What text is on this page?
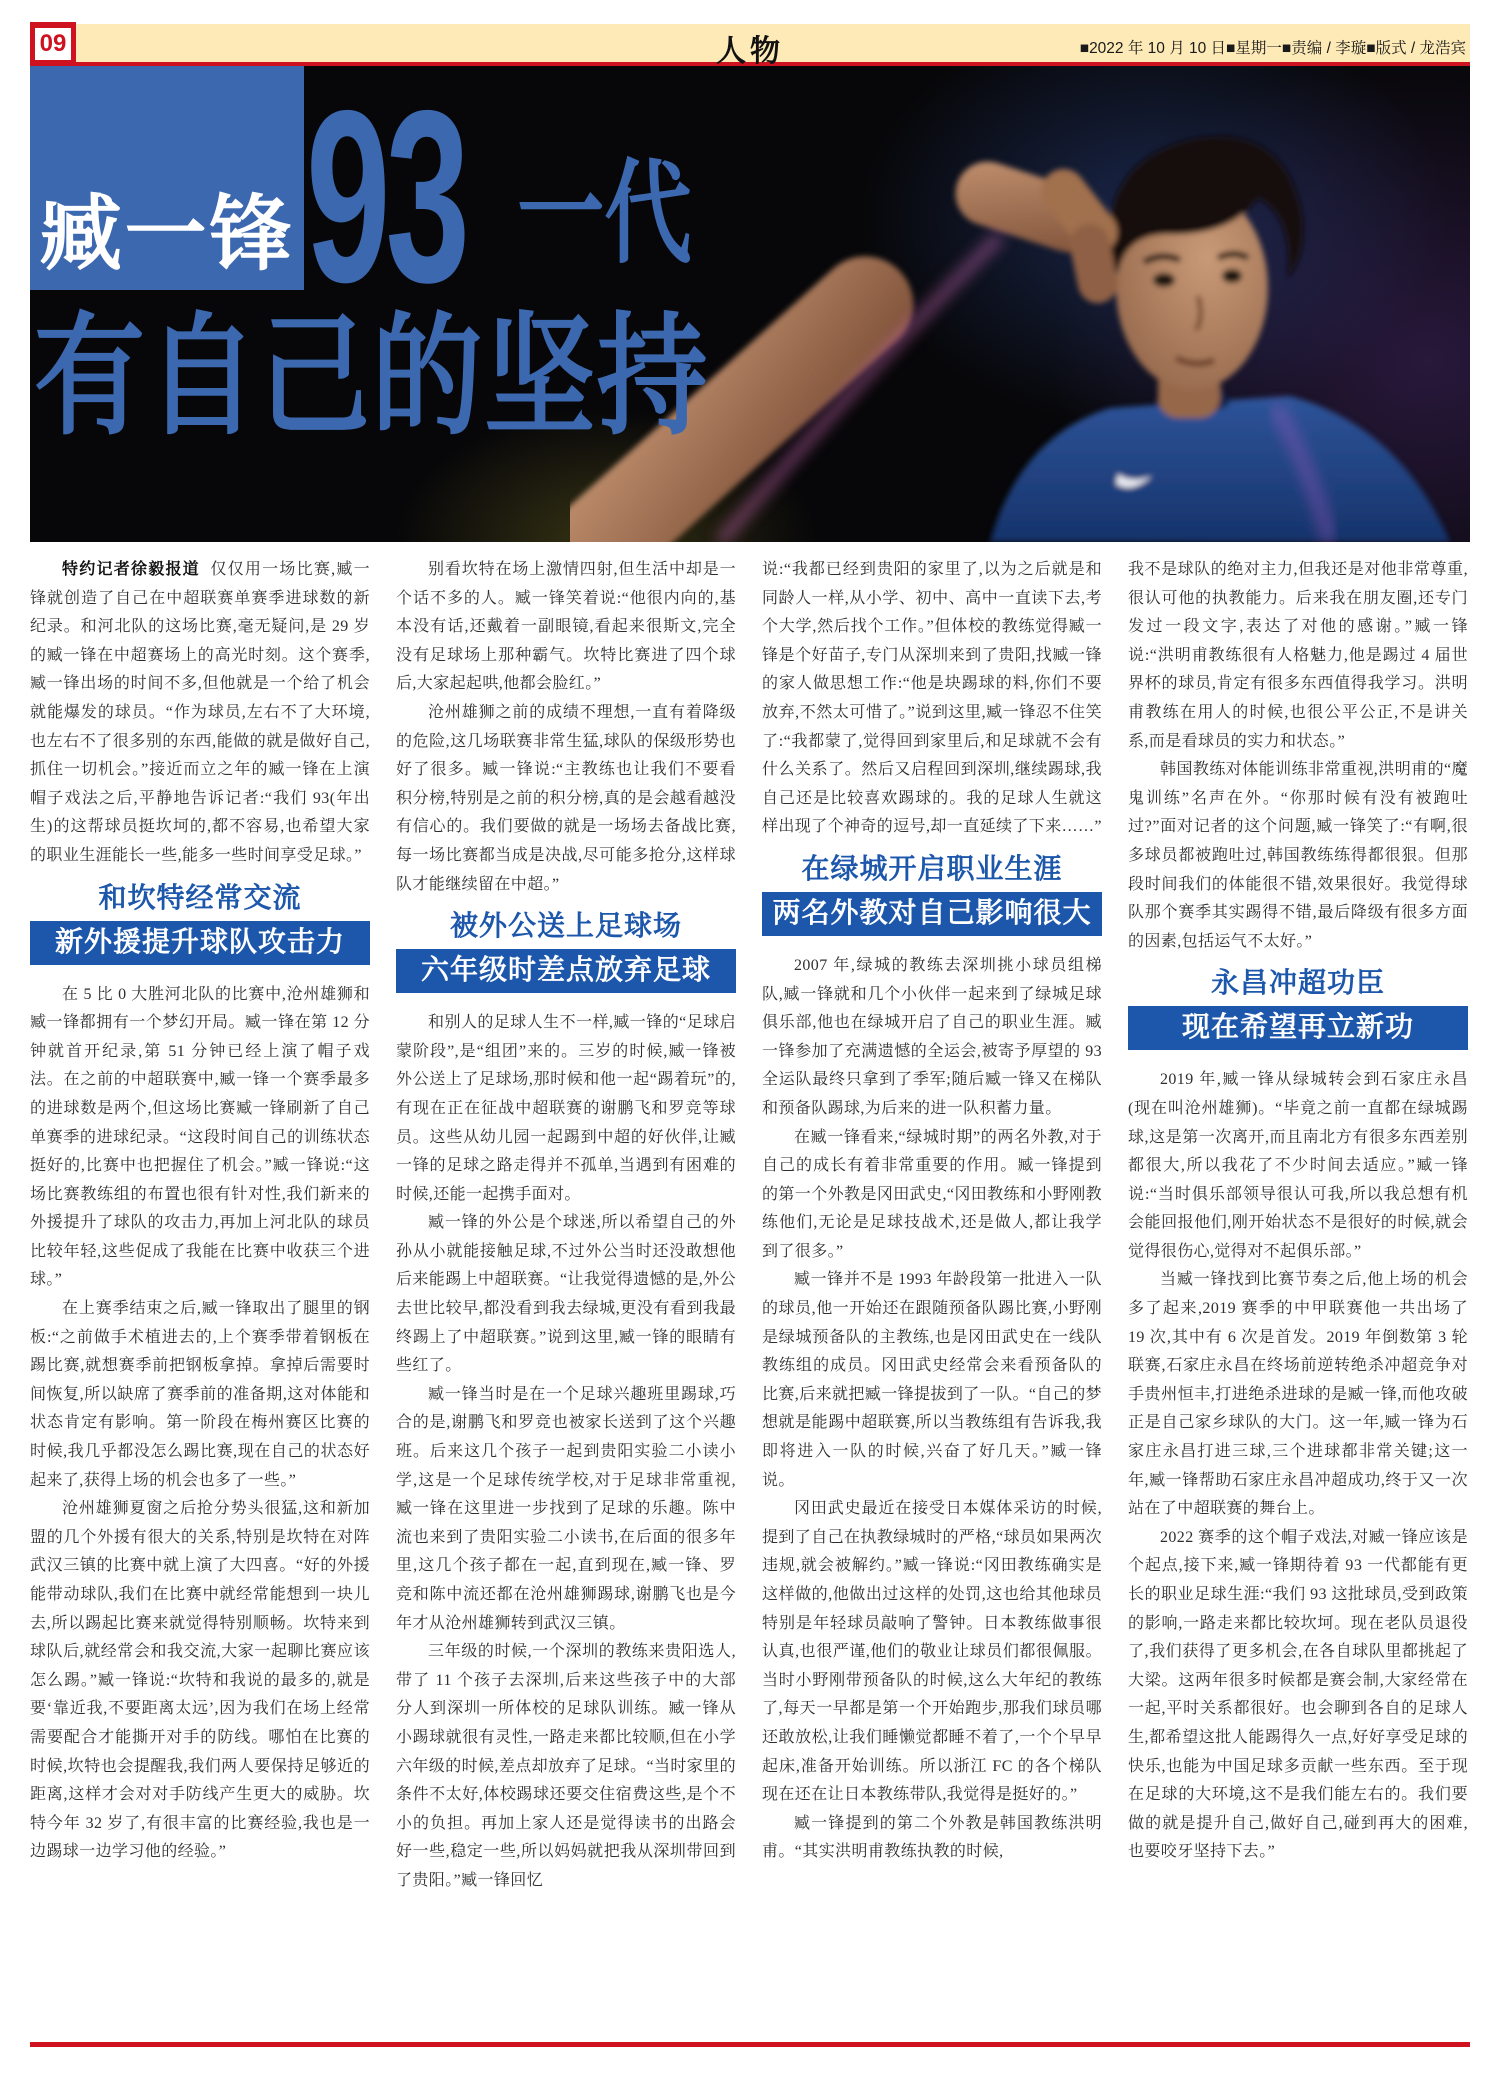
09	人物	■2022 年 10 月 10 日■星期一■责编 / 李璇■版式 / 龙浩宾
臧一锋 93 一代
有自己的坚持

特约记者徐毅报道 仅仅用一场比赛,臧一锋就创造了自己在中超联赛单赛季进球数的新纪录。和河北队的这场比赛,毫无疑问,是 29 岁的臧一锋在中超赛场上的高光时刻。这个赛季,臧一锋出场的时间不多,但他就是一个给了机会就能爆发的球员。“作为球员,左右不了大环境,也左右不了很多别的东西,能做的就是做好自己,抓住一切机会。”接近而立之年的臧一锋在上演帽子戏法之后,平静地告诉记者:“我们 93(年出生)的这帮球员挺坎坷的,都不容易,也希望大家的职业生涯能长一些,能多一些时间享受足球。”

和坎特经常交流
新外援提升球队攻击力

在 5 比 0 大胜河北队的比赛中,沧州雄狮和臧一锋都拥有一个梦幻开局。臧一锋在第 12 分钟就首开纪录,第 51 分钟已经上演了帽子戏法。在之前的中超联赛中,臧一锋一个赛季最多的进球数是两个,但这场比赛臧一锋刷新了自己单赛季的进球纪录。“这段时间自己的训练状态挺好的,比赛中也把握住了机会。”臧一锋说:“这场比赛教练组的布置也很有针对性,我们新来的外援提升了球队的攻击力,再加上河北队的球员比较年轻,这些促成了我能在比赛中收获三个进球。”

在上赛季结束之后,臧一锋取出了腿里的钢板:“之前做手术植进去的,上个赛季带着钢板在踢比赛,就想赛季前把钢板拿掉。拿掉后需要时间恢复,所以缺席了赛季前的准备期,这对体能和状态肯定有影响。第一阶段在梅州赛区比赛的时候,我几乎都没怎么踢比赛,现在自己的状态好起来了,获得上场的机会也多了一些。”

沧州雄狮夏窗之后抢分势头很猛,这和新加盟的几个外援有很大的关系,特别是坎特在对阵武汉三镇的比赛中就上演了大四喜。“好的外援能带动球队,我们在比赛中就经常能想到一块儿去,所以踢起比赛来就觉得特别顺畅。坎特来到球队后,就经常会和我交流,大家一起聊比赛应该怎么踢。”臧一锋说:“坎特和我说的最多的,就是要‘靠近我,不要距离太远’,因为我们在场上经常需要配合才能撕开对手的防线。哪怕在比赛的时候,坎特也会提醒我,我们两人要保持足够近的距离,这样才会对对手防线产生更大的威胁。坎特今年 32 岁了,有很丰富的比赛经验,我也是一边踢球一边学习他的经验。”

别看坎特在场上激情四射,但生活中却是一个话不多的人。臧一锋笑着说:“他很内向的,基本没有话,还戴着一副眼镜,看起来很斯文,完全没有足球场上那种霸气。坎特比赛进了四个球后,大家起起哄,他都会脸红。”

沧州雄狮之前的成绩不理想,一直有着降级的危险,这几场联赛非常生猛,球队的保级形势也好了很多。臧一锋说:“主教练也让我们不要看积分榜,特别是之前的积分榜,真的是会越看越没有信心的。我们要做的就是一场场去备战比赛,每一场比赛都当成是决战,尽可能多抢分,这样球队才能继续留在中超。”

被外公送上足球场
六年级时差点放弃足球

和别人的足球人生不一样,臧一锋的“足球启蒙阶段”,是“组团”来的。三岁的时候,臧一锋被外公送上了足球场,那时候和他一起“踢着玩”的,有现在正在征战中超联赛的谢鹏飞和罗竞等球员。这些从幼儿园一起踢到中超的好伙伴,让臧一锋的足球之路走得并不孤单,当遇到有困难的时候,还能一起携手面对。

臧一锋的外公是个球迷,所以希望自己的外孙从小就能接触足球,不过外公当时还没敢想他后来能踢上中超联赛。“让我觉得遗憾的是,外公去世比较早,都没看到我去绿城,更没有看到我最终踢上了中超联赛。”说到这里,臧一锋的眼睛有些红了。

臧一锋当时是在一个足球兴趣班里踢球,巧合的是,谢鹏飞和罗竞也被家长送到了这个兴趣班。后来这几个孩子一起到贵阳实验二小读小学,这是一个足球传统学校,对于足球非常重视,臧一锋在这里进一步找到了足球的乐趣。陈中流也来到了贵阳实验二小读书,在后面的很多年里,这几个孩子都在一起,直到现在,臧一锋、罗竞和陈中流还都在沧州雄狮踢球,谢鹏飞也是今年才从沧州雄狮转到武汉三镇。

三年级的时候,一个深圳的教练来贵阳选人,带了 11 个孩子去深圳,后来这些孩子中的大部分人到深圳一所体校的足球队训练。臧一锋从小踢球就很有灵性,一路走来都比较顺,但在小学六年级的时候,差点却放弃了足球。“当时家里的条件不太好,体校踢球还要交住宿费这些,是个不小的负担。再加上家人还是觉得读书的出路会好一些,稳定一些,所以妈妈就把我从深圳带回到了贵阳。”臧一锋回忆

说:“我都已经到贵阳的家里了,以为之后就是和同龄人一样,从小学、初中、高中一直读下去,考个大学,然后找个工作。”但体校的教练觉得臧一锋是个好苗子,专门从深圳来到了贵阳,找臧一锋的家人做思想工作:“他是块踢球的料,你们不要放弃,不然太可惜了。”说到这里,臧一锋忍不住笑了:“我都蒙了,觉得回到家里后,和足球就不会有什么关系了。然后又启程回到深圳,继续踢球,我自己还是比较喜欢踢球的。我的足球人生就这样出现了个神奇的逗号,却一直延续了下来……”

在绿城开启职业生涯
两名外教对自己影响很大

2007 年,绿城的教练去深圳挑小球员组梯队,臧一锋就和几个小伙伴一起来到了绿城足球俱乐部,他也在绿城开启了自己的职业生涯。臧一锋参加了充满遗憾的全运会,被寄予厚望的 93 全运队最终只拿到了季军;随后臧一锋又在梯队和预备队踢球,为后来的进一队积蓄力量。

在臧一锋看来,“绿城时期”的两名外教,对于自己的成长有着非常重要的作用。臧一锋提到的第一个外教是冈田武史,“冈田教练和小野刚教练他们,无论是足球技战术,还是做人,都让我学到了很多。”

臧一锋并不是 1993 年龄段第一批进入一队的球员,他一开始还在跟随预备队踢比赛,小野刚是绿城预备队的主教练,也是冈田武史在一线队教练组的成员。冈田武史经常会来看预备队的比赛,后来就把臧一锋提拔到了一队。“自己的梦想就是能踢中超联赛,所以当教练组有告诉我,我即将进入一队的时候,兴奋了好几天。”臧一锋说。

冈田武史最近在接受日本媒体采访的时候,提到了自己在执教绿城时的严格,“球员如果两次违规,就会被解约。”臧一锋说:“冈田教练确实是这样做的,他做出过这样的处罚,这也给其他球员特别是年轻球员敲响了警钟。日本教练做事很认真,也很严谨,他们的敬业让球员们都很佩服。当时小野刚带预备队的时候,这么大年纪的教练了,每天一早都是第一个开始跑步,那我们球员哪还敢放松,让我们睡懒觉都睡不着了,一个个早早起床,准备开始训练。所以浙江 FC 的各个梯队现在还在让日本教练带队,我觉得是挺好的。”

臧一锋提到的第二个外教是韩国教练洪明甫。“其实洪明甫教练执教的时候,

我不是球队的绝对主力,但我还是对他非常尊重,很认可他的执教能力。后来我在朋友圈,还专门发过一段文字,表达了对他的感谢。”臧一锋说:“洪明甫教练很有人格魅力,他是踢过 4 届世界杯的球员,肯定有很多东西值得我学习。洪明甫教练在用人的时候,也很公平公正,不是讲关系,而是看球员的实力和状态。”

韩国教练对体能训练非常重视,洪明甫的“魔鬼训练”名声在外。“你那时候有没有被跑吐过?”面对记者的这个问题,臧一锋笑了:“有啊,很多球员都被跑吐过,韩国教练练得都很狠。但那段时间我们的体能很不错,效果很好。我觉得球队那个赛季其实踢得不错,最后降级有很多方面的因素,包括运气不太好。”

永昌冲超功臣
现在希望再立新功

2019 年,臧一锋从绿城转会到石家庄永昌(现在叫沧州雄狮)。“毕竟之前一直都在绿城踢球,这是第一次离开,而且南北方有很多东西差别都很大,所以我花了不少时间去适应。”臧一锋说:“当时俱乐部领导很认可我,所以我总想有机会能回报他们,刚开始状态不是很好的时候,就会觉得很伤心,觉得对不起俱乐部。”

当臧一锋找到比赛节奏之后,他上场的机会多了起来,2019 赛季的中甲联赛他一共出场了 19 次,其中有 6 次是首发。2019 年倒数第 3 轮联赛,石家庄永昌在终场前逆转绝杀冲超竞争对手贵州恒丰,打进绝杀进球的是臧一锋,而他攻破正是自己家乡球队的大门。这一年,臧一锋为石家庄永昌打进三球,三个进球都非常关键;这一年,臧一锋帮助石家庄永昌冲超成功,终于又一次站在了中超联赛的舞台上。

2022 赛季的这个帽子戏法,对臧一锋应该是个起点,接下来,臧一锋期待着 93 一代都能有更长的职业足球生涯:“我们 93 这批球员,受到政策的影响,一路走来都比较坎坷。现在老队员退役了,我们获得了更多机会,在各自球队里都挑起了大梁。这两年很多时候都是赛会制,大家经常在一起,平时关系都很好。也会聊到各自的足球人生,都希望这批人能踢得久一点,好好享受足球的快乐,也能为中国足球多贡献一些东西。至于现在足球的大环境,这不是我们能左右的。我们要做的就是提升自己,做好自己,碰到再大的困难,也要咬牙坚持下去。”
